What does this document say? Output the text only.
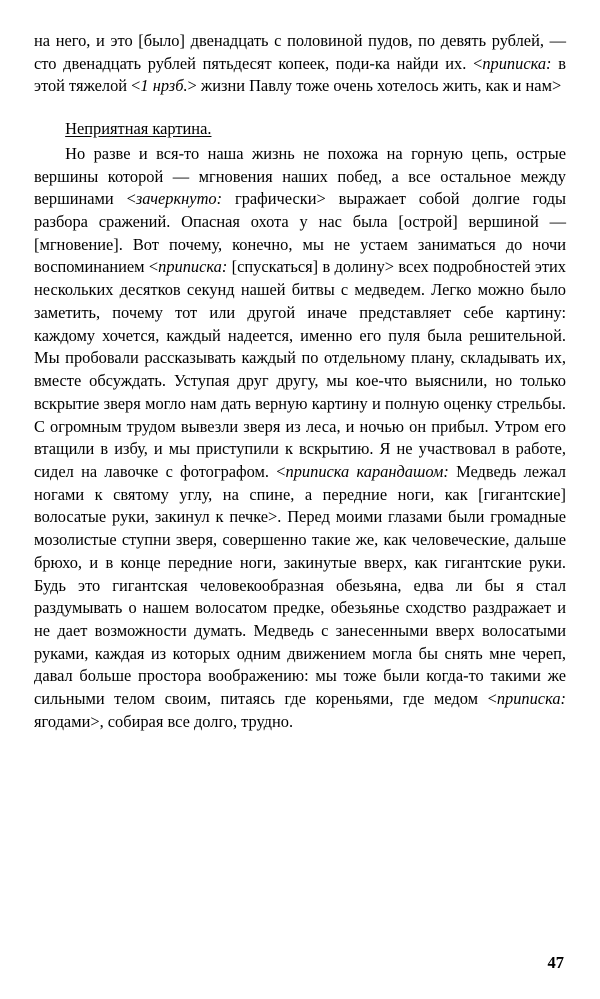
на него, и это [было] двенадцать с половиной пудов, по девять рублей, — сто двенадцать рублей пятьдесят копеек, поди-ка найди их. <приписка: в этой тяжелой <1 нрзб.> жизни Павлу тоже очень хотелось жить, как и нам>

Неприятная картина.

Но разве и вся-то наша жизнь не похожа на горную цепь, острые вершины которой — мгновения наших побед, а все остальное между вершинами <зачеркнуто: графически> выражает собой долгие годы разбора сражений. Опасная охота у нас была [острой] вершиной — [мгновение]. Вот почему, конечно, мы не устаем заниматься до ночи воспоминанием <приписка: [спускаться] в долину> всех подробностей этих нескольких десятков секунд нашей битвы с медведем. Легко можно было заметить, почему тот или другой иначе представляет себе картину: каждому хочется, каждый надеется, именно его пуля была решительной. Мы пробовали рассказывать каждый по отдельному плану, складывать их, вместе обсуждать. Уступая друг другу, мы кое-что выяснили, но только вскрытие зверя могло нам дать верную картину и полную оценку стрельбы. С огромным трудом вывезли зверя из леса, и ночью он прибыл. Утром его втащили в избу, и мы приступили к вскрытию. Я не участвовал в работе, сидел на лавочке с фотографом. <приписка карандашом: Медведь лежал ногами к святому углу, на спине, а передние ноги, как [гигантские] волосатые руки, закинул к печке>. Перед моими глазами были громадные мозолистые ступни зверя, совершенно такие же, как человеческие, дальше брюхо, и в конце передние ноги, закинутые вверх, как гигантские руки. Будь это гигантская человекообразная обезьяна, едва ли бы я стал раздумывать о нашем волосатом предке, обезьянье сходство раздражает и не дает возможности думать. Медведь с занесенными вверх волосатыми руками, каждая из которых одним движением могла бы снять мне череп, давал больше простора воображению: мы тоже были когда-то такими же сильными телом своим, питаясь где кореньями, где медом <приписка: ягодами>, собирая все долго, трудно.

47
